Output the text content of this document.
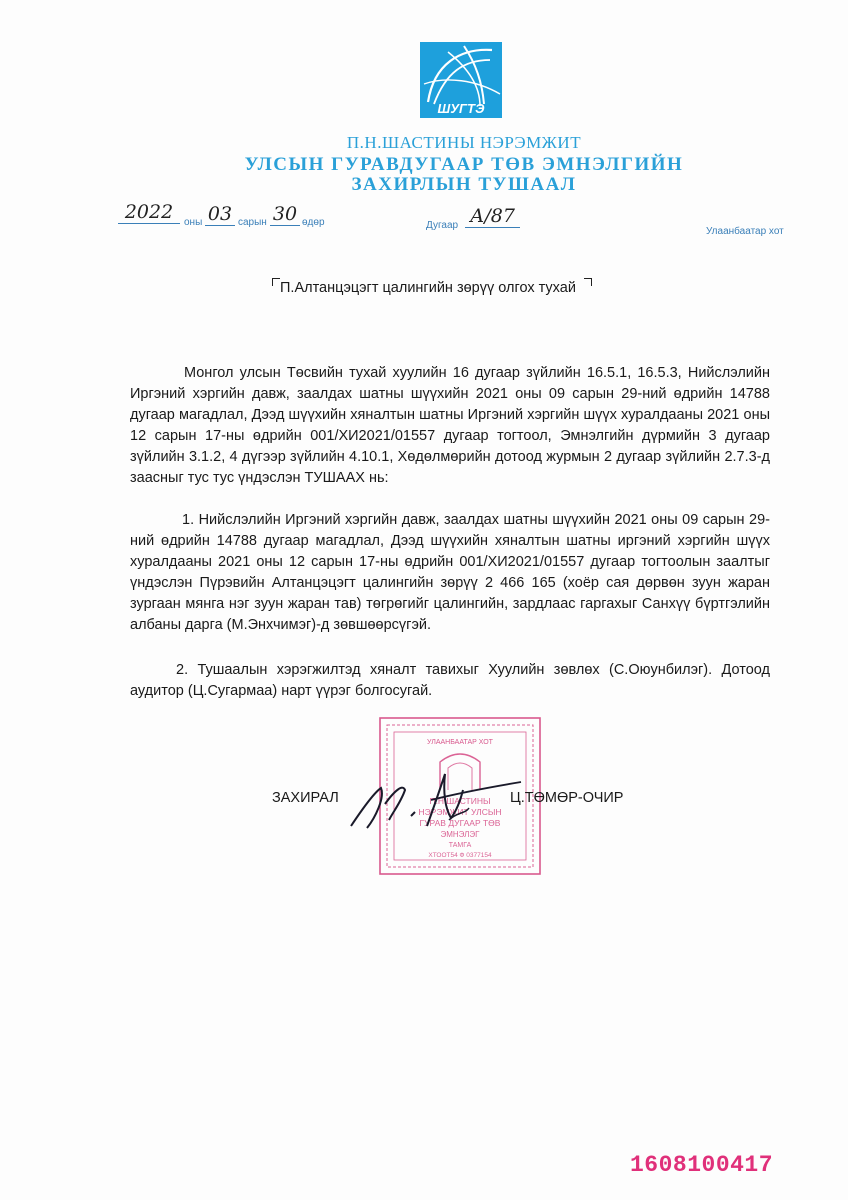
ШУГТЭ
П.Н.ШАСТИНЫ НЭРЭМЖИТ
УЛСЫН ГУРАВДУГААР ТӨВ ЭМНЭЛГИЙН
ЗАХИРЛЫН ТУШААЛ
2022	оны 03 сарын 30 өдөр	Дугаар А/87
Улаанбаатар хот
П.Алтанцэцэгт цалингийн зөрүү олгох тухай
Монгол улсын Төсвийн тухай хуулийн 16 дугаар зүйлийн 16.5.1, 16.5.3, Нийслэлийн Иргэний хэргийн давж, заалдах шатны шүүхийн 2021 оны 09 сарын 29-ний өдрийн 14788 дугаар магадлал, Дээд шүүхийн хяналтын шатны Иргэний хэргийн шүүх хуралдааны 2021 оны 12 сарын 17-ны өдрийн 001/ХИ2021/01557 дугаар тогтоол, Эмнэлгийн дүрмийн 3 дугаар зүйлийн 3.1.2, 4 дүгээр зүйлийн 4.10.1, Хөдөлмөрийн дотоод журмын 2 дугаар зүйлийн 2.7.3-д заасныг тус тус үндэслэн ТУШААХ нь:
1. Нийслэлийн Иргэний хэргийн давж, заалдах шатны шүүхийн 2021 оны 09 сарын 29-ний өдрийн 14788 дугаар магадлал, Дээд шүүхийн хяналтын шатны иргэний хэргийн шүүх хуралдааны 2021 оны 12 сарын 17-ны өдрийн 001/ХИ2021/01557 дугаар тогтоолын заалтыг үндэслэн Пүрэвийн Алтанцэцэгт цалингийн зөрүү 2 466 165 (хоёр сая дөрвөн зуун жаран зургаан мянга нэг зуун жаран тав) төгрөгийг цалингийн, зардлаас гаргахыг Санхүү бүртгэлийн албаны дарга (М.Энхчимэг)-д зөвшөөрсүгэй.
2. Тушаалын хэрэгжилтэд хяналт тавихыг Хуулийн зөвлөх (С.Оюунбилэг). Дотоод аудитор (Ц.Сугармаа) нарт үүрэг болгосугай.
УЛААНБААТАР ХОТ
П.Н.ШАСТИНЫ
НЭРЭМЖИТ УЛСЫН
ГУРАВ ДУГААР ТӨВ
ЭМНЭЛЭГ
ТАМГА
ХТООТ54 Ф 0377154
ЗАХИРАЛ	Ц.ТӨМӨР-ОЧИР
1608100417
